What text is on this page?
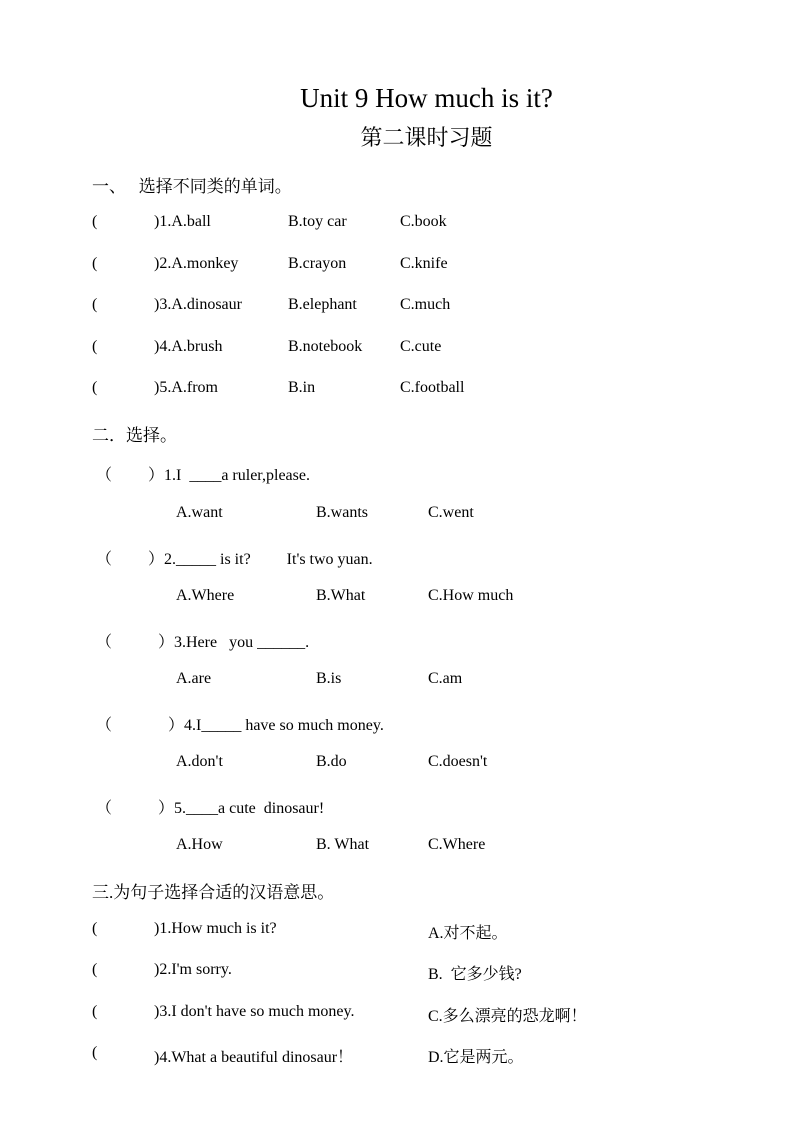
Unit 9 How much is it?
第二课时习题
一、   选择不同类的单词。
(	)1.A.ball	B.toy car	C.book
(	)2.A.monkey	B.crayon	C.knife
(	)3.A.dinosaur	B.elephant	C.much
(	)4.A.brush	B.notebook C.cute
(	)5.A.from	B.in	C.football
二．选择。
（ ）1.I  ____a ruler,please.
A.want	B.wants	C.went
（ ）2._____ is it?         It's two yuan.
A.Where	B.What	C.How much
（	）3.Here   you ______.
A.are	B.is	C.am
（	）4.I_____ have so much money.
A.don't	B.do	C.doesn't
（	）5.____a cute  dinosaur!
A.How	B. What	C.Where
三.为句子选择合适的汉语意思。
(	)1.How much is it?	A.对不起。
(	)2.I'm sorry.	B.  它多少钱?
(	)3.I don't have so much money.	C.多么漂亮的恐龙啊！
(	)4.What a beautiful dinosaur！	D.它是两元。
